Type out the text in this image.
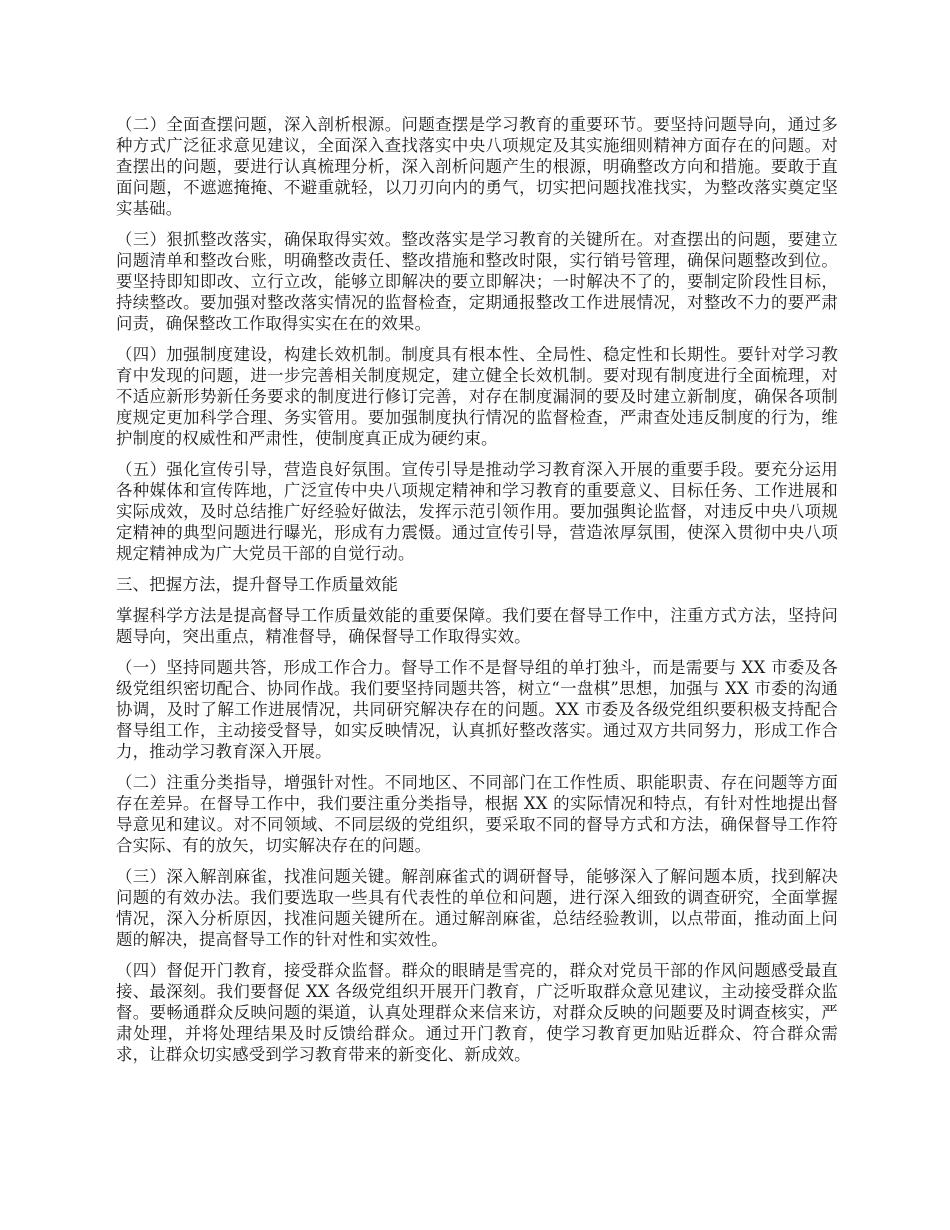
（二）全面查摆问题，深入剖析根源。问题查摆是学习教育的重要环节。要坚持问题导向，通过多种方式广泛征求意见建议，全面深入查找落实中央八项规定及其实施细则精神方面存在的问题。对查摆出的问题，要进行认真梳理分析，深入剖析问题产生的根源，明确整改方向和措施。要敢于直面问题，不遮遮掩掩、不避重就轻，以刀刃向内的勇气，切实把问题找准找实，为整改落实奠定坚实基础。

（三）狠抓整改落实，确保取得实效。整改落实是学习教育的关键所在。对查摆出的问题，要建立问题清单和整改台账，明确整改责任、整改措施和整改时限，实行销号管理，确保问题整改到位。要坚持即知即改、立行立改，能够立即解决的要立即解决；一时解决不了的，要制定阶段性目标，持续整改。要加强对整改落实情况的监督检查，定期通报整改工作进展情况，对整改不力的要严肃问责，确保整改工作取得实实在在的效果。

（四）加强制度建设，构建长效机制。制度具有根本性、全局性、稳定性和长期性。要针对学习教育中发现的问题，进一步完善相关制度规定，建立健全长效机制。要对现有制度进行全面梳理，对不适应新形势新任务要求的制度进行修订完善，对存在制度漏洞的要及时建立新制度，确保各项制度规定更加科学合理、务实管用。要加强制度执行情况的监督检查，严肃查处违反制度的行为，维护制度的权威性和严肃性，使制度真正成为硬约束。

（五）强化宣传引导，营造良好氛围。宣传引导是推动学习教育深入开展的重要手段。要充分运用各种媒体和宣传阵地，广泛宣传中央八项规定精神和学习教育的重要意义、目标任务、工作进展和实际成效，及时总结推广好经验好做法，发挥示范引领作用。要加强舆论监督，对违反中央八项规定精神的典型问题进行曝光，形成有力震慑。通过宣传引导，营造浓厚氛围，使深入贯彻中央八项规定精神成为广大党员干部的自觉行动。

三、把握方法，提升督导工作质量效能

掌握科学方法是提高督导工作质量效能的重要保障。我们要在督导工作中，注重方式方法，坚持问题导向，突出重点，精准督导，确保督导工作取得实效。

（一）坚持同题共答，形成工作合力。督导工作不是督导组的单打独斗，而是需要与 XX 市委及各级党组织密切配合、协同作战。我们要坚持同题共答，树立“一盘棋”思想，加强与 XX 市委的沟通协调，及时了解工作进展情况，共同研究解决存在的问题。XX 市委及各级党组织要积极支持配合督导组工作，主动接受督导，如实反映情况，认真抓好整改落实。通过双方共同努力，形成工作合力，推动学习教育深入开展。

（二）注重分类指导，增强针对性。不同地区、不同部门在工作性质、职能职责、存在问题等方面存在差异。在督导工作中，我们要注重分类指导，根据 XX 的实际情况和特点，有针对性地提出督导意见和建议。对不同领域、不同层级的党组织，要采取不同的督导方式和方法，确保督导工作符合实际、有的放矢，切实解决存在的问题。

（三）深入解剖麻雀，找准问题关键。解剖麻雀式的调研督导，能够深入了解问题本质，找到解决问题的有效办法。我们要选取一些具有代表性的单位和问题，进行深入细致的调查研究，全面掌握情况，深入分析原因，找准问题关键所在。通过解剖麻雀，总结经验教训，以点带面，推动面上问题的解决，提高督导工作的针对性和实效性。

（四）督促开门教育，接受群众监督。群众的眼睛是雪亮的，群众对党员干部的作风问题感受最直接、最深刻。我们要督促 XX 各级党组织开展开门教育，广泛听取群众意见建议，主动接受群众监督。要畅通群众反映问题的渠道，认真处理群众来信来访，对群众反映的问题要及时调查核实，严肃处理，并将处理结果及时反馈给群众。通过开门教育，使学习教育更加贴近群众、符合群众需求，让群众切实感受到学习教育带来的新变化、新成效。
